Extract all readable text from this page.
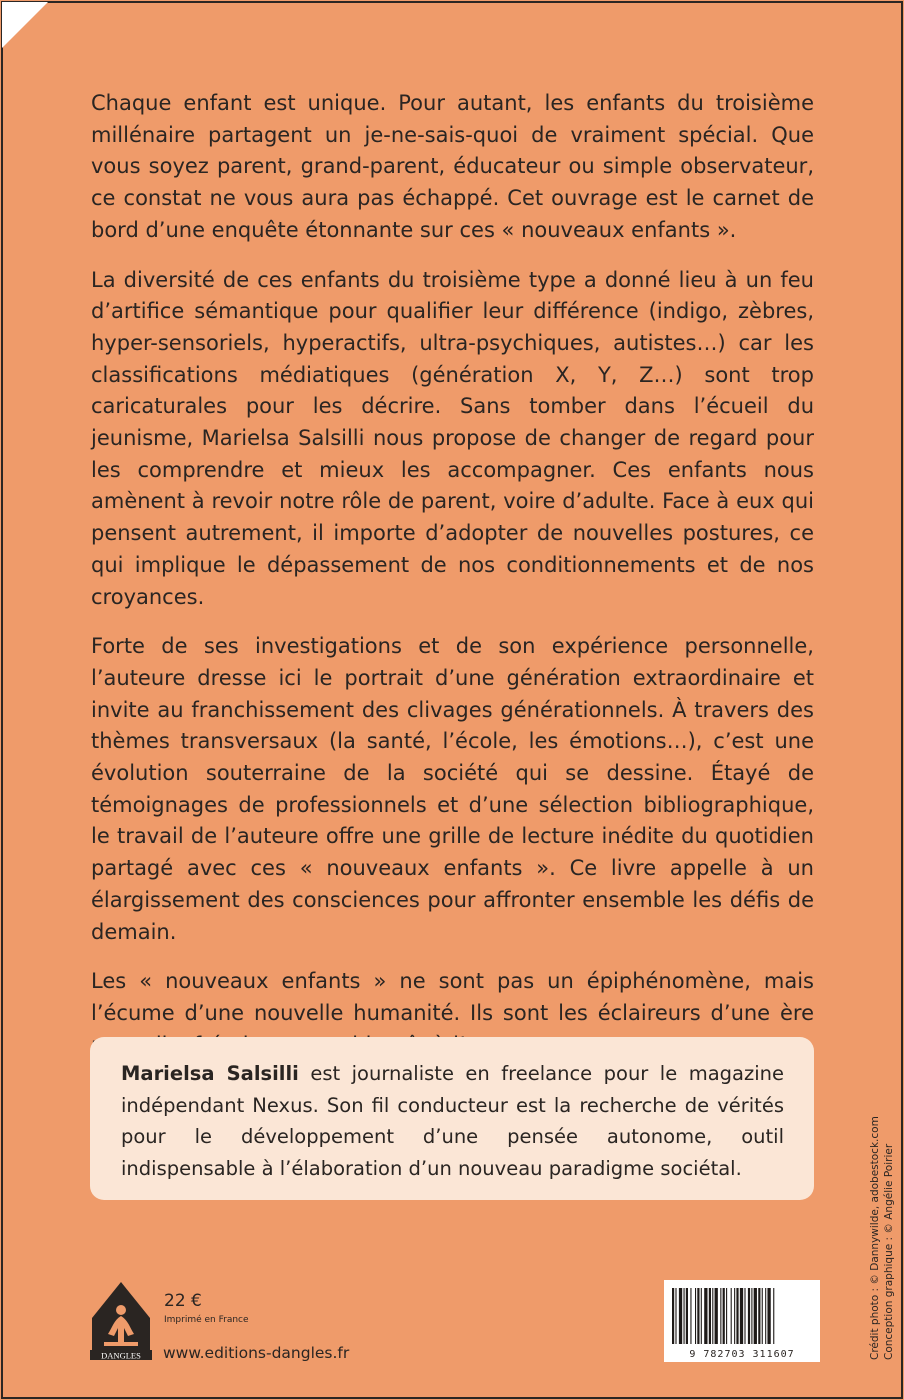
Chaque enfant est unique. Pour autant, les enfants du troisième millénaire partagent un je-ne-sais-quoi de vraiment spécial. Que vous soyez parent, grand-parent, éducateur ou simple observateur, ce constat ne vous aura pas échappé. Cet ouvrage est le carnet de bord d’une enquête étonnante sur ces « nouveaux enfants ».

La diversité de ces enfants du troisième type a donné lieu à un feu d’artifice sémantique pour qualifier leur différence (indigo, zèbres, hyper-sensoriels, hyperactifs, ultra-psychiques, autistes…) car les classifications médiatiques (génération X, Y, Z…) sont trop caricaturales pour les décrire. Sans tomber dans l’écueil du jeunisme, Marielsa Salsilli nous propose de changer de regard pour les comprendre et mieux les accompagner. Ces enfants nous amènent à revoir notre rôle de parent, voire d’adulte. Face à eux qui pensent autrement, il importe d’adopter de nouvelles postures, ce qui implique le dépassement de nos conditionnements et de nos croyances.

Forte de ses investigations et de son expérience personnelle, l’auteure dresse ici le portrait d’une génération extraordinaire et invite au franchissement des clivages générationnels. À travers des thèmes transversaux (la santé, l’école, les émotions…), c’est une évolution souterraine de la société qui se dessine. Étayé de témoignages de professionnels et d’une sélection bibliographique, le travail de l’auteure offre une grille de lecture inédite du quotidien partagé avec ces « nouveaux enfants ». Ce livre appelle à un élargissement des consciences pour affronter ensemble les défis de demain.

Les « nouveaux enfants » ne sont pas un épiphénomène, mais l’écume d’une nouvelle humanité. Ils sont les éclaireurs d’une ère

Marielsa Salsilli est journaliste en freelance pour le magazine indépendant Nexus. Son fil conducteur est la recherche de vérités pour le développement d’une pensée autonome, outil indispensable à l’élaboration d’un nouveau paradigme sociétal.

DANGLES
22 €
Imprimé en France
www.editions-dangles.fr	9 782703 311607	Crédit photo : © Dannywilde, adobestock.com Conception graphique : © Angélie Poirier
